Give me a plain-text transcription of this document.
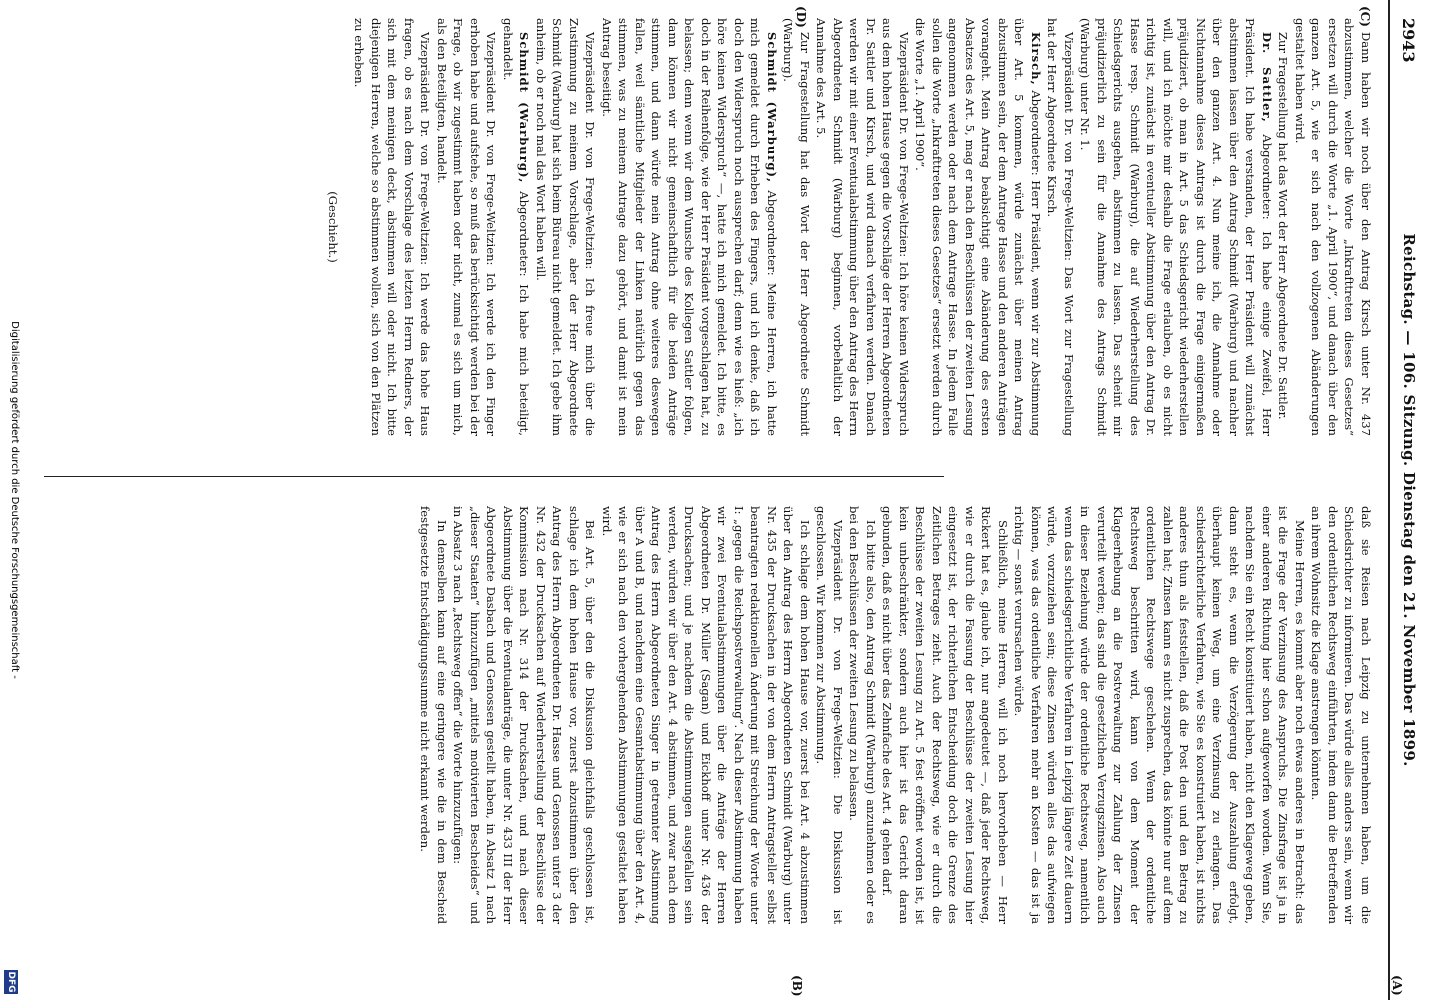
2943
Reichstag. — 106. Sitzung. Dienstag den 21. November 1899.
(C)
(D)
(A)
(B)

Dann haben wir noch über den Antrag Kirsch unter Nr. 437 abzustimmen, welcher die Worte „Inkrafttreten dieses Gesetzes“ ersetzen will durch die Worte „1. April 1900“, und danach über den ganzen Art. 5, wie er sich nach den vollzogenen Abänderungen gestaltet haben wird.

Zur Fragestellung hat das Wort der Herr Abgeordnete Dr. Sattler.

Dr. Sattler, Abgeordneter: Ich habe einige Zweifel, Herr Präsident. Ich habe verstanden, der Herr Präsident will zunächst abstimmen lassen über den Antrag Schmidt (Warburg) und nachher über den ganzen Art. 4. Nun meine ich, die Annahme oder Nichtannahme dieses Antrags ist durch die Frage einigermaßen präjudiziert, ob man in Art. 5 das Schiedsgericht wiederherstellen will, und ich möchte mir deshalb die Frage erlauben, ob es nicht richtig ist, zunächst in eventueller Abstimmung über den Antrag Dr. Hasse resp. Schmidt (Warburg), die auf Wiederherstellung des Schiedsgerichts ausgehen, abstimmen zu lassen. Das scheint mir präjudizierlich zu sein für die Annahme des Antrags Schmidt (Warburg) unter Nr. 1.

Vizepräsident Dr. von Frege-Weltzien: Das Wort zur Fragestellung hat der Herr Abgeordnete Kirsch.

Kirsch, Abgeordneter: Herr Präsident, wenn wir zur Abstimmung über Art. 5 kommen, würde zunächst über meinen Antrag abzustimmen sein, der dem Antrage Hasse und den anderen Anträgen vorangeht. Mein Antrag beabsichtigt eine Abänderung des ersten Absatzes des Art. 5, mag er nach den Beschlüssen der zweiten Lesung angenommen werden oder nach dem Antrage Hasse. In jedem Falle sollen die Worte „Inkrafttreten dieses Gesetzes“ ersetzt werden durch die Worte „1. April 1900“.

Vizepräsident Dr. von Frege-Weltzien: Ich höre keinen Widerspruch aus dem hohen Hause gegen die Vorschläge der Herren Abgeordneten Dr. Sattler und Kirsch, und wird danach verfahren werden. Danach werden wir mit einer Eventualabstimmung über den Antrag des Herrn Abgeordneten Schmidt (Warburg) beginnen, vorbehaltlich der Annahme des Art. 5.

Zur Fragestellung hat das Wort der Herr Abgeordnete Schmidt (Warburg).

Schmidt (Warburg), Abgeordneter: Meine Herren, ich hatte mich gemeldet durch Erheben des Fingers, und ich denke, daß ich doch den Widerspruch noch aussprechen darf; denn wie es hieß: „ich höre keinen Widerspruch“ —, hatte ich mich gemeldet. Ich bitte, es doch in der Reihenfolge, wie der Herr Präsident vorgeschlagen hat, zu belassen; denn wenn wir dem Wunsche des Kollegen Sattler folgen, dann können wir nicht gemeinschaftlich für die beiden Anträge stimmen, und dann würde mein Antrag ohne weiteres deswegen fallen, weil sämtliche Mitglieder der Linken natürlich gegen das stimmen, was zu meinem Antrage dazu gehört, und damit ist mein Antrag beseitigt.

Vizepräsident Dr. von Frege-Weltzien: Ich freue mich über die Zustimmung zu meinem Vorschlage, aber der Herr Abgeordnete Schmidt (Warburg) hat sich beim Büreau nicht gemeldet. Ich gebe ihm anheim, ob er noch mal das Wort haben will.

Schmidt (Warburg), Abgeordneter: Ich habe mich beteiligt, gehandelt.

Vizepräsident Dr. von Frege-Weltzien: Ich werde ich den Finger erhoben habe und aufstehe, so muß das berücksichtigt werden bei der Frage, ob wir zugestimmt haben oder nicht, zumal es sich um mich, als den Beteiligten, handelt.

Vizepräsident Dr. von Frege-Weltzien: Ich werde das hohe Haus fragen, ob es nach dem Vorschlage des letzten Herrn Redners, der sich mit dem meinigen deckt, abstimmen will oder nicht. Ich bitte diejenigen Herren, welche so abstimmen wollen, sich von den Plätzen zu erheben.

(Geschieht.)

daß sie Reisen nach Leipzig zu unternehmen haben, um die Schiedsrichter zu informieren. Das würde alles anders sein, wenn wir den ordentlichen Rechtsweg einführten, indem dann die Betreffenden an ihrem Wohnsitz die Klage anstrengen könnten.

Meine Herren, es kommt aber noch etwas anderes in Betracht: das ist die Frage der Verzinsung des Anspruchs. Die Zinsfrage ist ja in einer anderen Richtung hier schon aufgeworfen worden. Wenn Sie, nachdem Sie ein Recht konstituiert haben, nicht den Klageweg geben, dann steht es, wenn die Verzögerung der Auszahlung erfolgt, überhaupt keinen Weg, um eine Verzinsung zu erlangen. Das schiedsrichterliche Verfahren, wie Sie es konstruiert haben, ist nichts anderes thun als feststellen, daß die Post den und den Betrag zu zahlen hat; Zinsen kann es nicht zusprechen, das könnte nur auf dem ordentlichen Rechtswege geschehen. Wenn der ordentliche Rechtsweg beschritten wird, kann von dem Moment der Klageerhebung an die Postverwaltung zur Zahlung der Zinsen verurteilt werden; das sind die gesetzlichen Verzugszinsen. Also auch in dieser Beziehung würde der ordentliche Rechtsweg, namentlich wenn das schiedsgerichtliche Verfahren in Leipzig längere Zeit dauern würde, vorzuziehen sein; diese Zinsen würden alles das aufwiegen können, was das ordentliche Verfahren mehr an Kosten — das ist ja richtig — sonst verursachen würde.

Schließlich, meine Herren, will ich noch hervorheben — Herr Rickert hat es, glaube ich, nur angedeutet —, daß jeder Rechtsweg, wie er durch die Fassung der Beschlüsse der zweiten Lesung hier eingesetzt ist, der richterlichen Entscheidung doch die Grenze des Zeitlichen Betrages zieht. Auch der Rechtsweg, wie er durch die Beschlüsse der zweiten Lesung zu Art. 5 fest eröffnet worden ist, ist kein unbeschränkter, sondern auch hier ist das Gericht daran gebunden, daß es nicht über das Zehnfache des Art. 4 gehen darf.

Ich bitte also, den Antrag Schmidt (Warburg) anzunehmen oder es bei den Beschlüssen der zweiten Lesung zu belassen.

Vizepräsident Dr. von Frege-Weltzien: Die Diskussion ist geschlossen. Wir kommen zur Abstimmung.

Ich schlage dem hohen Hause vor, zuerst bei Art. 4 abzustimmen über den Antrag des Herrn Abgeordneten Schmidt (Warburg) unter Nr. 435 der Drucksachen in der von dem Herrn Antragsteller selbst beantragten redaktionellen Änderung mit Streichung der Worte unter I: „gegen die Reichspostverwaltung“. Nach dieser Abstimmung haben wir zwei Eventualabstimmungen über die Anträge der Herren Abgeordneten Dr. Müller (Sagan) und Eickhoff unter Nr. 436 der Drucksachen; und je nachdem die Abstimmungen ausgefallen sein werden, würden wir über den Art. 4 abstimmen, und zwar nach dem Antrag des Herrn Abgeordneten Singer in getrennter Abstimmung über A und B, und nachdem eine Gesamtabstimmung über den Art. 4, wie er sich nach den vorhergehenden Abstimmungen gestaltet haben wird.

Bei Art. 5, über den die Diskussion gleichfalls geschlossen ist, schlage ich dem hohen Hause vor, zuerst abzustimmen über den Antrag des Herrn Abgeordneten Dr. Hasse und Genossen unter 3 der Nr. 432 der Drucksachen auf Wiederherstellung der Beschlüsse der Kommission nach Nr. 314 der Drucksachen, und nach dieser Abstimmung über die Eventualanträge, die unter Nr. 433 III der Herr Abgeordnete Dasbach und Genossen gestellt haben, in Absatz 1 nach „dieser Staaten“ hinzuzufügen „mittels motivierten Bescheides“ und in Absatz 3 nach „Rechtsweg offen“ die Worte hinzuzufügen:

In demselben kann auf eine geringere wie die in dem Bescheid festgesetzte Entschädigungssumme nicht erkannt werden.

Digitalisierung gefördert durch die Deutsche Forschungsgemeinschaft -
DFG
